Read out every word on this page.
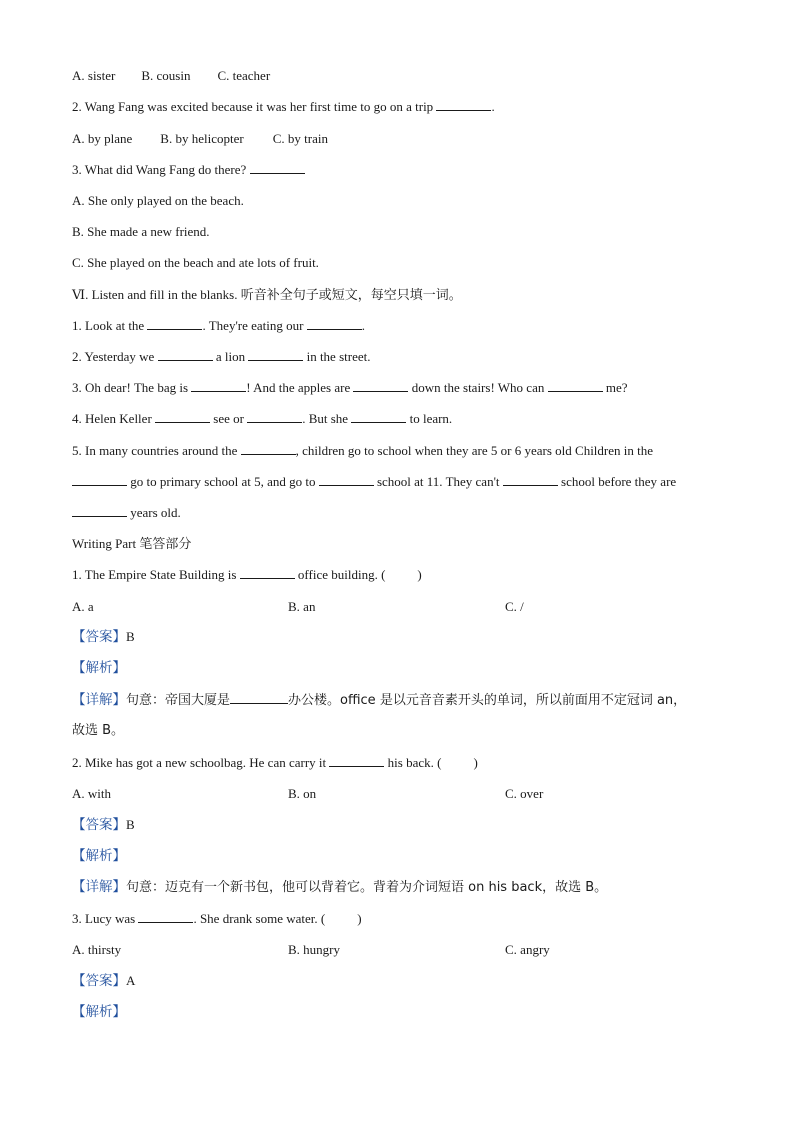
A. sister B. cousin C. teacher
2. Wang Fang was excited because it was her first time to go on a trip	.
A. by plane B. by helicopter C. by train
3. What did Wang Fang do there?
A. She only played on the beach.
B. She made a new friend.
C. She played on the beach and ate lots of fruit.
Ⅵ. Listen and fill in the blanks. 听音补全句子或短文，每空只填一词。
1. Look at the	. They're eating our	.
2. Yesterday we	a lion	in the street.
3. Oh dear! The bag is	! And the apples are	down the stairs! Who can	me?
4. Helen Keller	see or	. But she	to learn.
5. In many countries around the	, children go to school when they are 5 or 6 years old Children in the
go to primary school at 5, and go to	school at 11. They can't	school before they are
years old.
Writing Part 笔答部分
1. The Empire State Building is	office building. ( )
A. a	B. an	C. /
【答案】B
【解析】
【详解】句意：帝国大厦是	办公楼。office 是以元音音素开头的单词，所以前面用不定冠词 an，
故选 B。
2. Mike has got a new schoolbag. He can carry it	his back. ( )
A. with	B. on	C. over
【答案】B
【解析】
【详解】句意：迈克有一个新书包，他可以背着它。背着为介词短语 on his back，故选 B。
3. Lucy was	. She drank some water. ( )
A. thirsty	B. hungry	C. angry
【答案】A
【解析】
